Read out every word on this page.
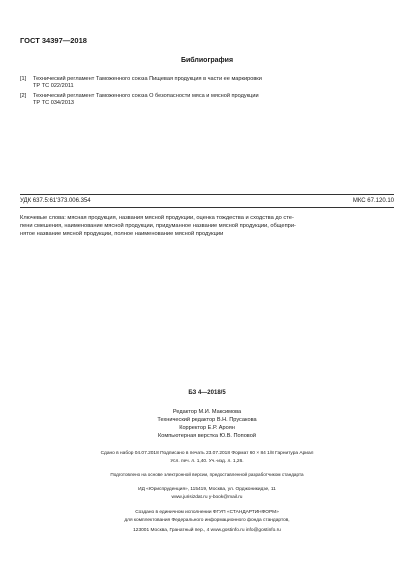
ГОСТ 34397—2018
Библиография
[1] Технический регламент Таможенного союза Пищевая продукция в части ее маркировки
ТР ТС 022/2011
[2] Технический регламент Таможенного союза О безопасности мяса и мясной продукции
ТР ТС 034/2013
УДК 637.5:61'373.006.354	МКС 67.120.10
Ключевые слова: мясная продукция, названия мясной продукции, оценка тождества и сходства до сте-
пени смешения, наименование мясной продукции, придуманное название мясной продукции, общепри-
нятое название мясной продукции, полное наименование мясной продукции
БЗ 4—2018/5
Редактор М.И. Максимова
Технический редактор В.Н. Прусакова
Корректор Е.Р. Ароян
Компьютерная верстка Ю.В. Поповой
Сдано в набор 04.07.2018 Подписано в печать 23.07.2018 Формат 60 × 84 1/8 Гарнитура Ариал
Усл. печ. л. 1,40. Уч.-изд. л. 1,26.
Подготовлено на основе электронной версии, предоставленной разработчиком стандарта
ИД «Юриспруденция», 115419, Москва, ул. Орджоникидзе, 11
www.jurisizdat.ru y-book@mail.ru
Создано в единичном исполнении ФГУП «СТАНДАРТИНФОРМ»
для комплектования Федерального информационного фонда стандартов,
123001 Москва, Гранатный пер., 4 www.gostinfo.ru info@gostinfo.ru
